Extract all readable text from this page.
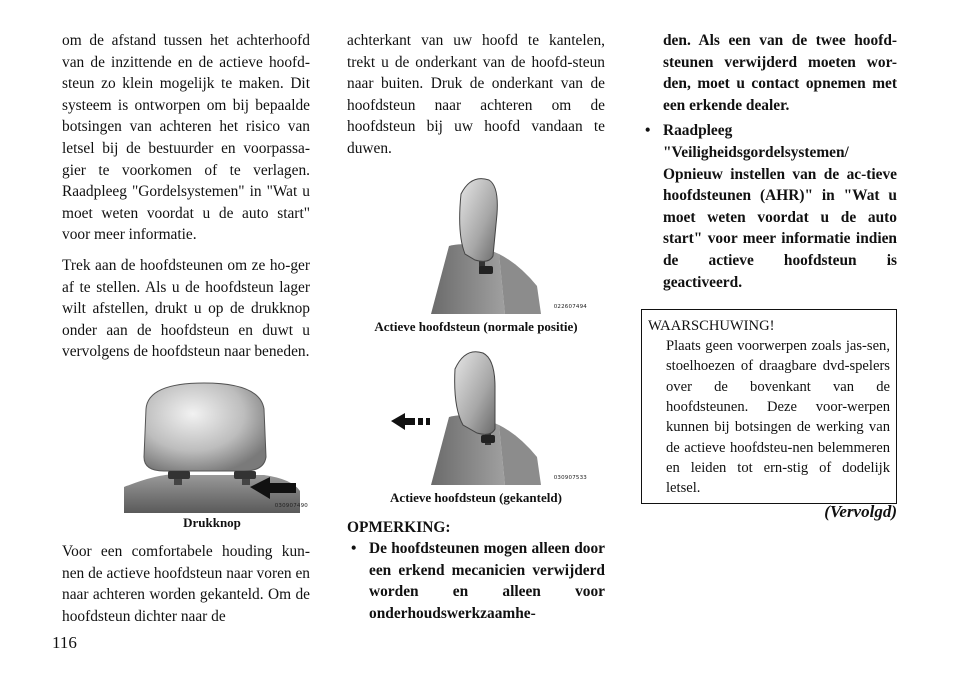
om de afstand tussen het achterhoofd van de inzittende en de actieve hoofd-steun zo klein mogelijk te maken. Dit systeem is ontworpen om bij bepaalde botsingen van achteren het risico van letsel bij de bestuurder en voorpassa-gier te voorkomen of te verlagen. Raadpleeg "Gordelsystemen" in "Wat u moet weten voordat u de auto start" voor meer informatie.

Trek aan de hoofdsteunen om ze ho-ger af te stellen. Als u de hoofdsteun lager wilt afstellen, drukt u op de drukknop onder aan de hoofdsteun en duwt u vervolgens de hoofdsteun naar beneden.

030907490
Drukknop

Voor een comfortabele houding kun-nen de actieve hoofdsteun naar voren en naar achteren worden gekanteld. Om de hoofdsteun dichter naar de

achterkant van uw hoofd te kantelen, trekt u de onderkant van de hoofd-steun naar buiten. Druk de onderkant van de hoofdsteun naar achteren om de hoofdsteun bij uw hoofd vandaan te duwen.

022607494
Actieve hoofdsteun (normale positie)
030907533
Actieve hoofdsteun (gekanteld)
OPMERKING:
• De hoofdsteunen mogen alleen door een erkend mecanicien verwijderd worden en alleen voor onderhoudswerkzaamhe-
den. Als een van de twee hoofd-steunen verwijderd moeten wor-den, moet u contact opnemen met een erkende dealer.
• Raadpleeg "Veiligheidsgordelsystemen/ Opnieuw instellen van de ac-tieve hoofdsteunen (AHR)" in "Wat u moet weten voordat u de auto start" voor meer informatie indien de actieve hoofdsteun is geactiveerd.
WAARSCHUWING!
Plaats geen voorwerpen zoals jas-sen, stoelhoezen of draagbare dvd-spelers over de bovenkant van de hoofdsteunen. Deze voor-werpen kunnen bij botsingen de werking van de actieve hoofdsteu-nen belemmeren en leiden tot ern-stig of dodelijk letsel.
(Vervolgd)
116
